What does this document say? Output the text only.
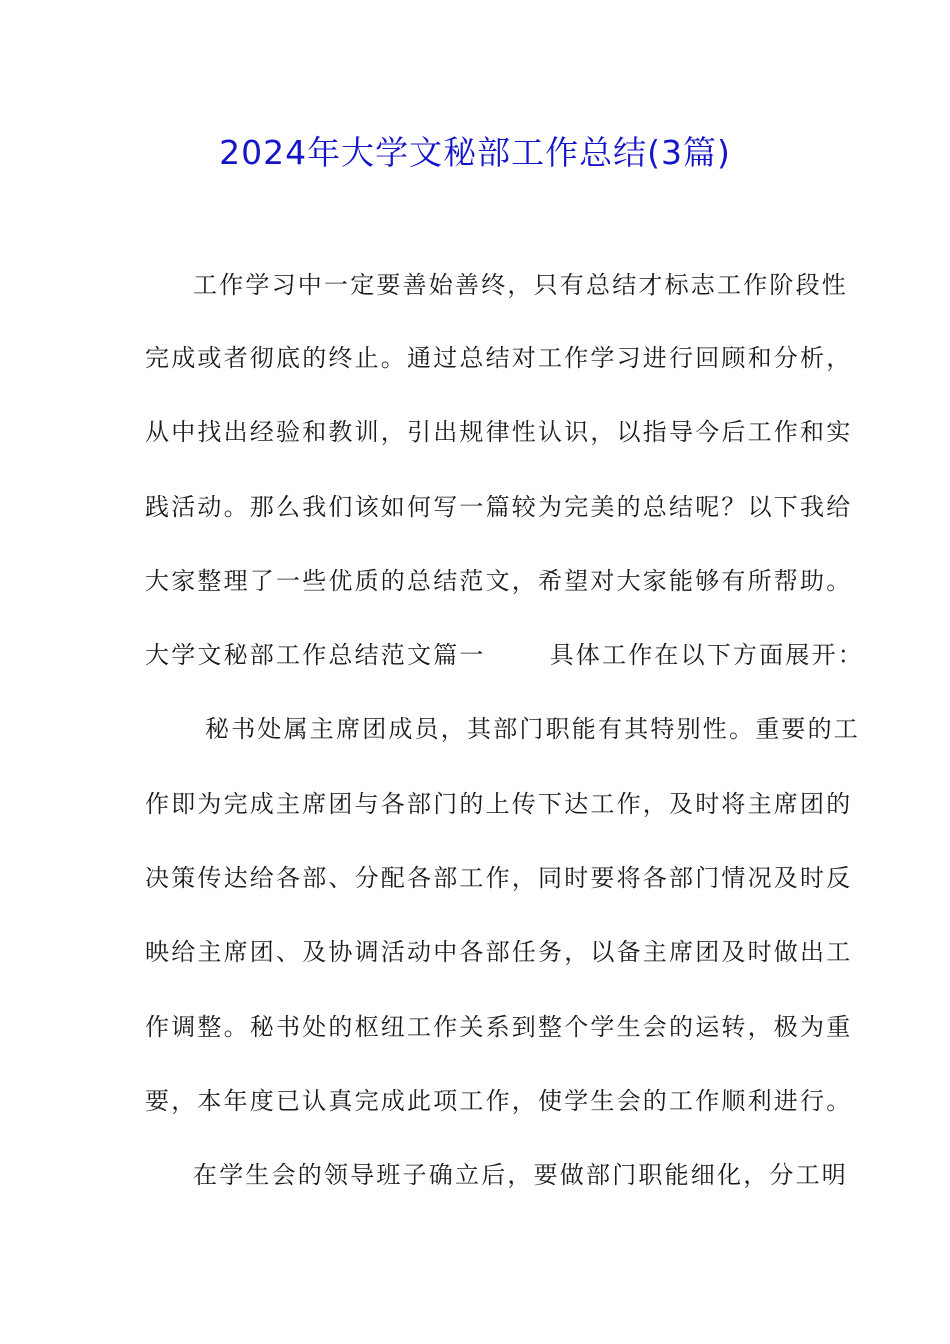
2024年大学文秘部工作总结(3篇)
工作学习中一定要善始善终，只有总结才标志工作阶段性
完成或者彻底的终止。通过总结对工作学习进行回顾和分析，
从中找出经验和教训，引出规律性认识，以指导今后工作和实
践活动。那么我们该如何写一篇较为完美的总结呢？以下我给
大家整理了一些优质的总结范文，希望对大家能够有所帮助。
大学文秘部工作总结范文篇一	具体工作在以下方面展开：
秘书处属主席团成员，其部门职能有其特别性。重要的工
作即为完成主席团与各部门的上传下达工作，及时将主席团的
决策传达给各部、分配各部工作，同时要将各部门情况及时反
映给主席团、及协调活动中各部任务，以备主席团及时做出工
作调整。秘书处的枢纽工作关系到整个学生会的运转，极为重
要，本年度已认真完成此项工作，使学生会的工作顺利进行。
在学生会的领导班子确立后，要做部门职能细化，分工明
